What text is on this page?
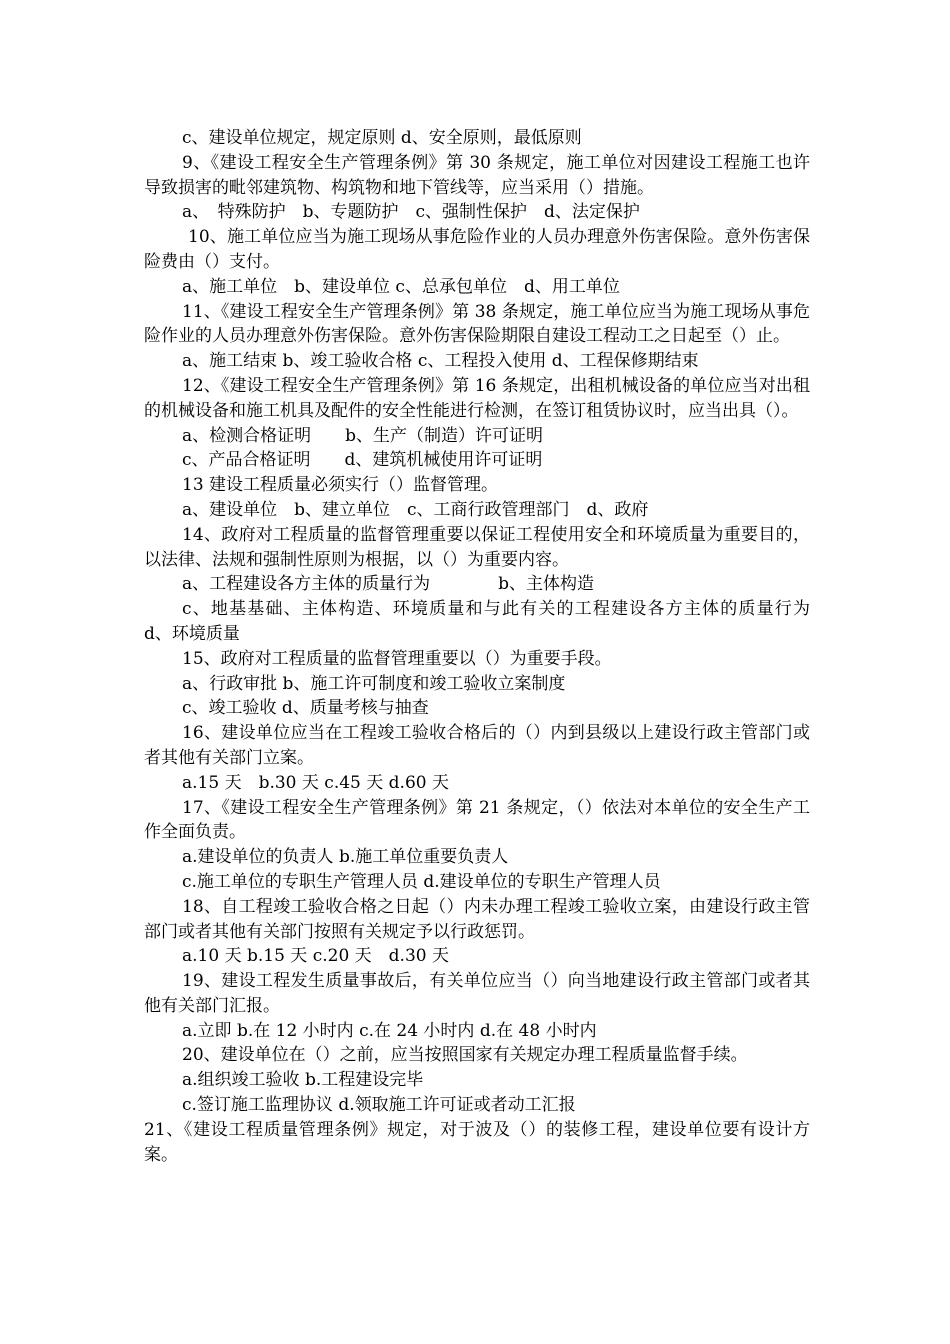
c、建设单位规定，规定原则 d、安全原则，最低原则

9、《建设工程安全生产管理条例》第 30 条规定，施工单位对因建设工程施工也许导致损害的毗邻建筑物、构筑物和地下管线等，应当采用（）措施。

a、　特殊防护　b、专题防护　c、强制性保护　d、法定保护

10、施工单位应当为施工现场从事危险作业的人员办理意外伤害保险。意外伤害保险费由（）支付。

a、施工单位　b、建设单位 c、总承包单位　d、用工单位

11、《建设工程安全生产管理条例》第 38 条规定，施工单位应当为施工现场从事危险作业的人员办理意外伤害保险。意外伤害保险期限自建设工程动工之日起至（）止。

a、施工结束 b、竣工验收合格 c、工程投入使用 d、工程保修期结束

12、《建设工程安全生产管理条例》第 16 条规定，出租机械设备的单位应当对出租的机械设备和施工机具及配件的安全性能进行检测，在签订租赁协议时，应当出具（）。

a、检测合格证明　　b、生产（制造）许可证明

c、产品合格证明　　d、建筑机械使用许可证明

13 建设工程质量必须实行（）监督管理。

a、建设单位　b、建立单位　c、工商行政管理部门　d、政府

14、政府对工程质量的监督管理重要以保证工程使用安全和环境质量为重要目的，以法律、法规和强制性原则为根据，以（）为重要内容。

a、工程建设各方主体的质量行为　　　　b、主体构造

c、地基基础、主体构造、环境质量和与此有关的工程建设各方主体的质量行为　　　　d、环境质量

15、政府对工程质量的监督管理重要以（）为重要手段。

a、行政审批 b、施工许可制度和竣工验收立案制度

c、竣工验收 d、质量考核与抽查

16、建设单位应当在工程竣工验收合格后的（）内到县级以上建设行政主管部门或者其他有关部门立案。

a.15 天　b.30 天 c.45 天 d.60 天

17、《建设工程安全生产管理条例》第 21 条规定，（）依法对本单位的安全生产工作全面负责。

a.建设单位的负责人 b.施工单位重要负责人

c.施工单位的专职生产管理人员 d.建设单位的专职生产管理人员

18、自工程竣工验收合格之日起（）内未办理工程竣工验收立案，由建设行政主管部门或者其他有关部门按照有关规定予以行政惩罚。

a.10 天 b.15 天 c.20 天　d.30 天

19、建设工程发生质量事故后，有关单位应当（）向当地建设行政主管部门或者其他有关部门汇报。

a.立即 b.在 12 小时内 c.在 24 小时内 d.在 48 小时内

20、建设单位在（）之前，应当按照国家有关规定办理工程质量监督手续。

a.组织竣工验收 b.工程建设完毕

c.签订施工监理协议 d.领取施工许可证或者动工汇报

21、《建设工程质量管理条例》规定，对于波及（）的装修工程，建设单位要有设计方案。
